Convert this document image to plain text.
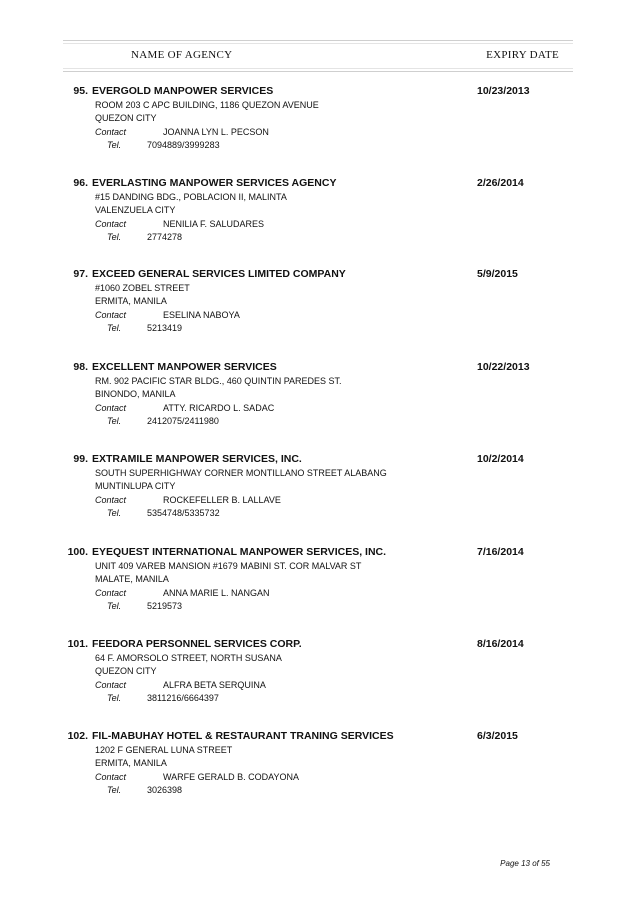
NAME OF AGENCY	EXPIRY DATE
95. EVERGOLD MANPOWER SERVICES	10/23/2013
ROOM 203 C APC BUILDING, 1186 QUEZON AVENUE
QUEZON CITY
Contact	JOANNA LYN L. PECSON
Tel.	7094889/3999283
96. EVERLASTING MANPOWER SERVICES AGENCY	2/26/2014
#15 DANDING BDG., POBLACION II, MALINTA
VALENZUELA CITY
Contact	NENILIA F. SALUDARES
Tel.	2774278
97. EXCEED GENERAL SERVICES LIMITED COMPANY	5/9/2015
#1060 ZOBEL STREET
ERMITA, MANILA
Contact	ESELINA NABOYA
Tel.	5213419
98. EXCELLENT MANPOWER SERVICES	10/22/2013
RM. 902 PACIFIC STAR BLDG., 460 QUINTIN PAREDES ST.
BINONDO, MANILA
Contact	ATTY. RICARDO L. SADAC
Tel.	2412075/2411980
99. EXTRAMILE MANPOWER SERVICES, INC.	10/2/2014
SOUTH SUPERHIGHWAY CORNER MONTILLANO STREET ALABANG
MUNTINLUPA CITY
Contact	ROCKEFELLER B. LALLAVE
Tel.	5354748/5335732
100. EYEQUEST INTERNATIONAL MANPOWER SERVICES, INC.	7/16/2014
UNIT 409 VAREB MANSION #1679 MABINI ST. COR MALVAR ST
MALATE, MANILA
Contact	ANNA MARIE L. NANGAN
Tel.	5219573
101. FEEDORA PERSONNEL SERVICES CORP.	8/16/2014
64 F. AMORSOLO STREET, NORTH SUSANA
QUEZON CITY
Contact	ALFRA BETA SERQUINA
Tel.	3811216/6664397
102. FIL-MABUHAY HOTEL & RESTAURANT TRANING SERVICES	6/3/2015
1202 F GENERAL LUNA STREET
ERMITA, MANILA
Contact	WARFE GERALD B. CODAYONA
Tel.	3026398
Page 13 of 55
